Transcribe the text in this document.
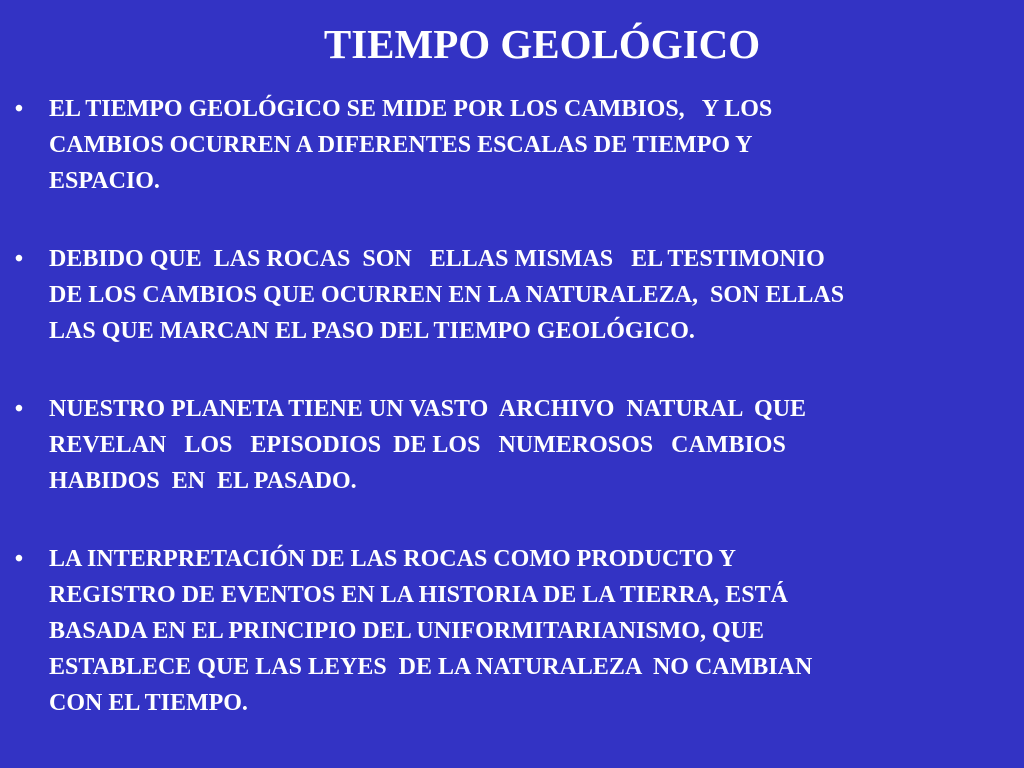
TIEMPO GEOLÓGICO
• EL TIEMPO GEOLÓGICO SE MIDE POR LOS CAMBIOS,   Y LOS
CAMBIOS OCURREN A DIFERENTES ESCALAS DE TIEMPO Y
ESPACIO.
• DEBIDO QUE  LAS ROCAS  SON   ELLAS MISMAS   EL TESTIMONIO
DE LOS CAMBIOS QUE OCURREN EN LA NATURALEZA,  SON ELLAS
LAS QUE MARCAN EL PASO DEL TIEMPO GEOLÓGICO.
• NUESTRO PLANETA TIENE UN VASTO  ARCHIVO  NATURAL  QUE
REVELAN   LOS   EPISODIOS  DE LOS   NUMEROSOS   CAMBIOS
HABIDOS  EN  EL PASADO.
• LA INTERPRETACIÓN DE LAS ROCAS COMO PRODUCTO Y
REGISTRO DE EVENTOS EN LA HISTORIA DE LA TIERRA, ESTÁ
BASADA EN EL PRINCIPIO DEL UNIFORMITARIANISMO, QUE
ESTABLECE QUE LAS LEYES  DE LA NATURALEZA  NO CAMBIAN
CON EL TIEMPO.
